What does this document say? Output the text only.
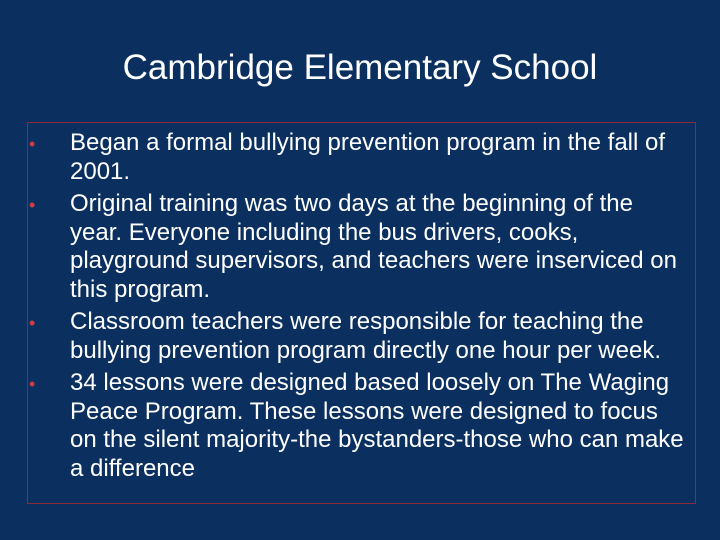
Cambridge Elementary School
•	Began a formal bullying prevention program in the fall of 2001.
•	Original training was two days at the beginning of the year. Everyone including the bus drivers, cooks, playground supervisors, and teachers were inserviced on this program.
•	Classroom teachers were responsible for teaching the bullying prevention program directly one hour per week.
•	34 lessons were designed based loosely on The Waging Peace Program. These lessons were designed to focus on the silent majority-the bystanders-those who can make a difference
